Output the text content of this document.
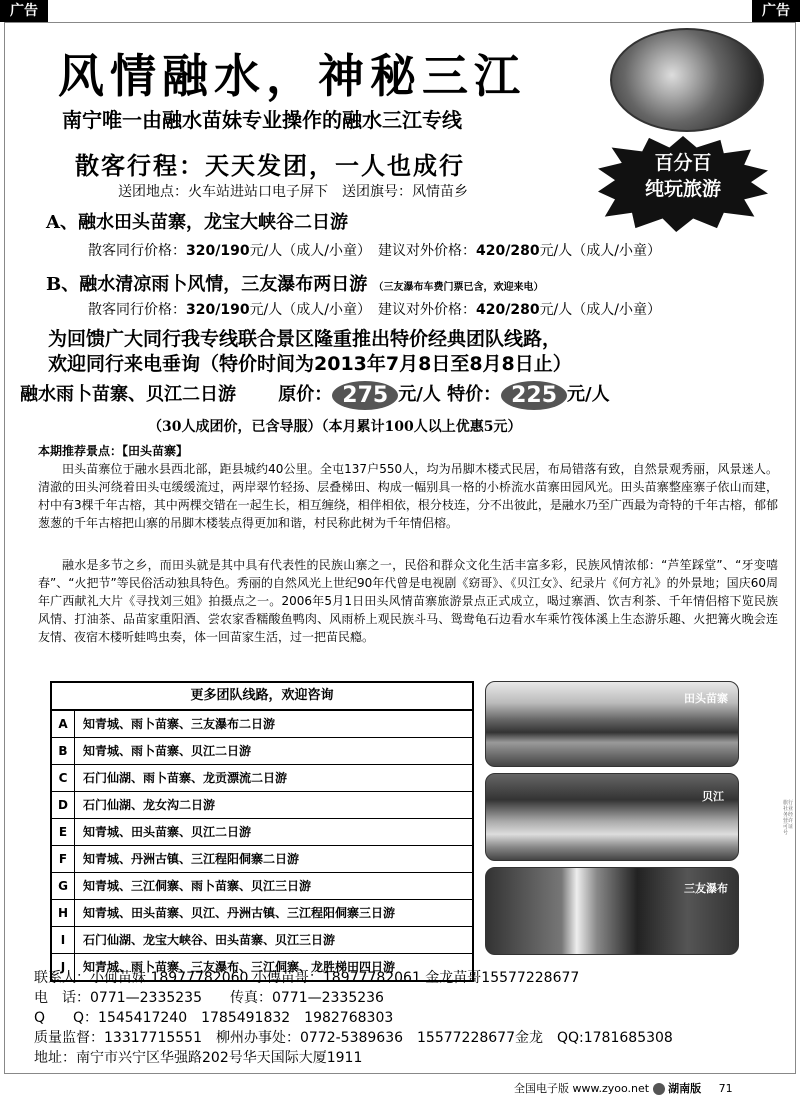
广告	广告
风情融水，神秘三江
南宁唯一由融水苗妹专业操作的融水三江专线
散客行程：天天发团，一人也成行
送团地点：火车站进站口电子屏下　送团旗号：风情苗乡
百分百
纯玩旅游
A、融水田头苗寨，龙宝大峡谷二日游
散客同行价格：320/190元/人（成人/小童）　 建议对外价格：420/280元/人（成人/小童）
B、融水清凉雨卜风情，三友瀑布两日游 （三友瀑布车费门票已含，欢迎来电）
散客同行价格：320/190元/人（成人/小童）　 建议对外价格：420/280元/人（成人/小童）
为回馈广大同行我专线联合景区隆重推出特价经典团队线路，
欢迎同行来电垂询（特价时间为2013年7月8日至8月8日止）
融水雨卜苗寨、贝江二日游　　 原价： 275 元/人 特价： 225 元/人
（30人成团价，已含导服）（本月累计100人以上优惠5元）
本期推荐景点：【田头苗寨】
田头苗寨位于融水县西北部，距县城约40公里。全屯137户550人，均为吊脚木楼式民居，布局错落有致，自然景观秀丽，风景迷人。清澈的田头河绕着田头屯缓缓流过，两岸翠竹轻扬、层叠梯田、构成一幅别具一格的小桥流水苗寨田园风光。田头苗寨整座寨子依山而建，村中有3棵千年古榕，其中两棵交错在一起生长，相互缠绕，相伴相依，根分枝连，分不出彼此，是融水乃至广西最为奇特的千年古榕，郁郁葱葱的千年古榕把山寨的吊脚木楼装点得更加和谐，村民称此树为千年情侣榕。
融水是多节之乡，而田头就是其中具有代表性的民族山寨之一，民俗和群众文化生活丰富多彩，民族风情浓郁：“芦笙踩堂”、“牙变嘻春”、“火把节”等民俗活动独具特色。秀丽的自然风光上世纪90年代曾是电视剧《窈哥》、《贝江女》、纪录片《何方礼》的外景地；国庆60周年广西献礼大片《寻找刘三姐》拍摄点之一。2006年5月1日田头风情苗寨旅游景点正式成立，喝过寨酒、饮吉利茶、千年情侣榕下览民族风情、打油茶、品苗家重阳酒、尝农家香糯酸鱼鸭肉、风雨桥上观民族斗马、鸳鸯龟石边看水车乘竹筏体溪上生态游乐趣、火把篝火晚会连友情、夜宿木楼听蛙鸣虫奏，体一回苗家生活，过一把苗民瘾。
更多团队线路，欢迎咨询
A	知青城、雨卜苗寨、三友瀑布二日游
B	知青城、雨卜苗寨、贝江二日游
C	石门仙湖、雨卜苗寨、龙贡漂流二日游
D	石门仙湖、龙女沟二日游
E	知青城、田头苗寨、贝江二日游
F	知青城、丹洲古镇、三江程阳侗寨二日游
G	知青城、三江侗寨、雨卜苗寨、贝江三日游
H	知青城、田头苗寨、贝江、丹洲古镇、三江程阳侗寨三日游
I	石门仙湖、龙宝大峡谷、田头苗寨、贝江三日游
J	知青城、雨卜苗寨、三友瀑布、三江侗寨、龙胜梯田四日游
田头苗寨
贝江
三友瀑布
联系人：小何苗妹 18977782060 小傅苗哥：18977782061 金龙苗哥15577228677
电　话：0771—2335235　　传真：0771—2335236
Q　　Q：1545417240　1785491832　1982768303
质量监督：13317715551　柳州办事处：0772-5389636　15577228677金龙　QQ:1781685308
地址：南宁市兴宁区华强路202号华天国际大厦1911
旅行社业务经营许可证号
全国电子版 www.zyoo.net 湖南版 71
